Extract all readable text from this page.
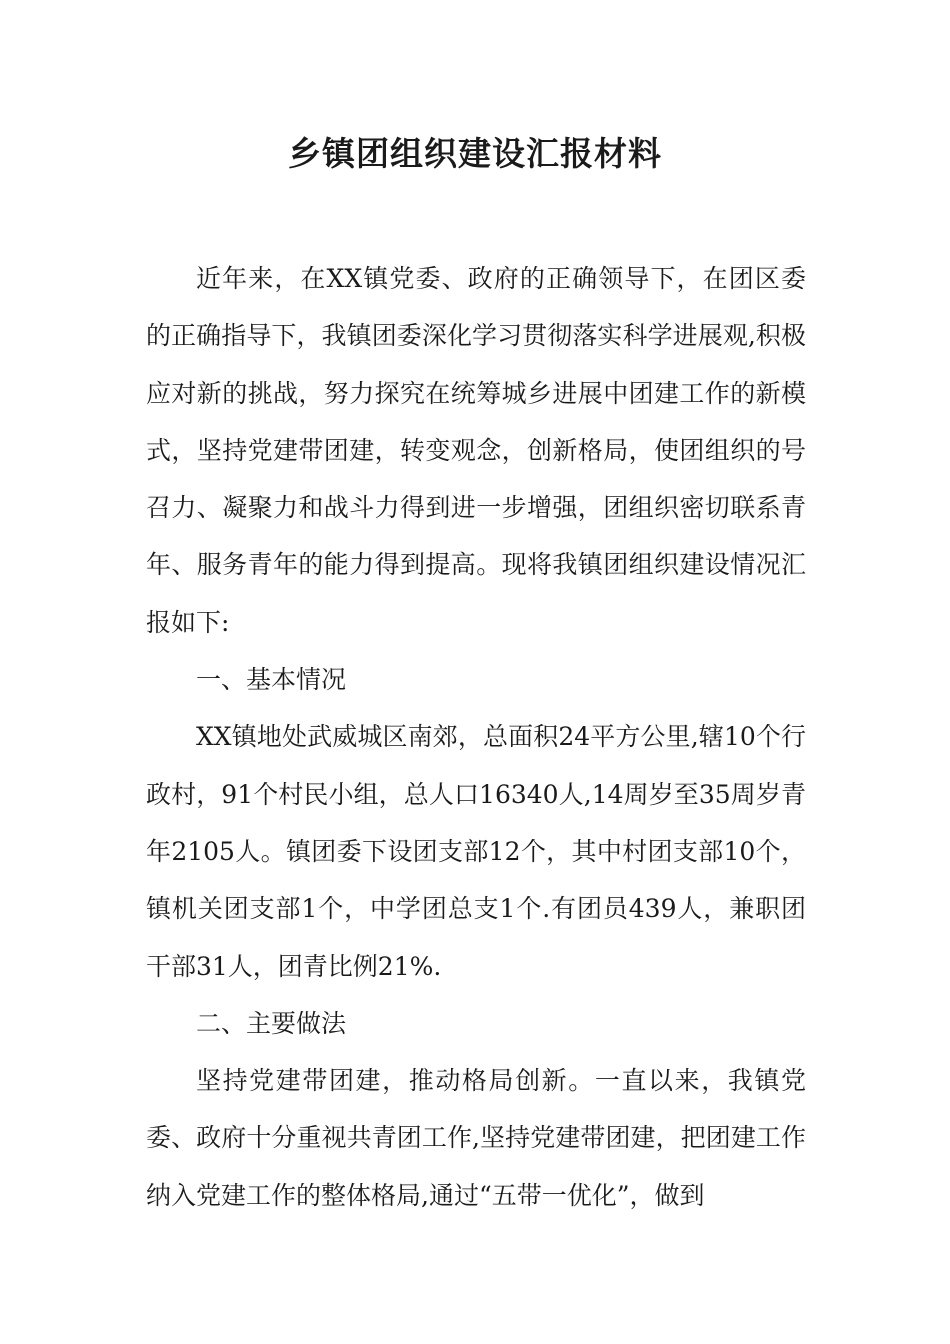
乡镇团组织建设汇报材料

近年来，在XX镇党委、政府的正确领导下，在团区委的正确指导下，我镇团委深化学习贯彻落实科学进展观,积极应对新的挑战，努力探究在统筹城乡进展中团建工作的新模式，坚持党建带团建，转变观念，创新格局，使团组织的号召力、凝聚力和战斗力得到进一步增强，团组织密切联系青年、服务青年的能力得到提高。现将我镇团组织建设情况汇报如下:

一、基本情况

XX镇地处武威城区南郊，总面积24平方公里,辖10个行政村，91个村民小组，总人口16340人,14周岁至35周岁青年2105人。镇团委下设团支部12个，其中村团支部10个，镇机关团支部1个，中学团总支1个.有团员439人，兼职团干部31人，团青比例21%.

二、主要做法

坚持党建带团建，推动格局创新。一直以来，我镇党委、政府十分重视共青团工作,坚持党建带团建，把团建工作纳入党建工作的整体格局,通过“五带一优化”，做到
